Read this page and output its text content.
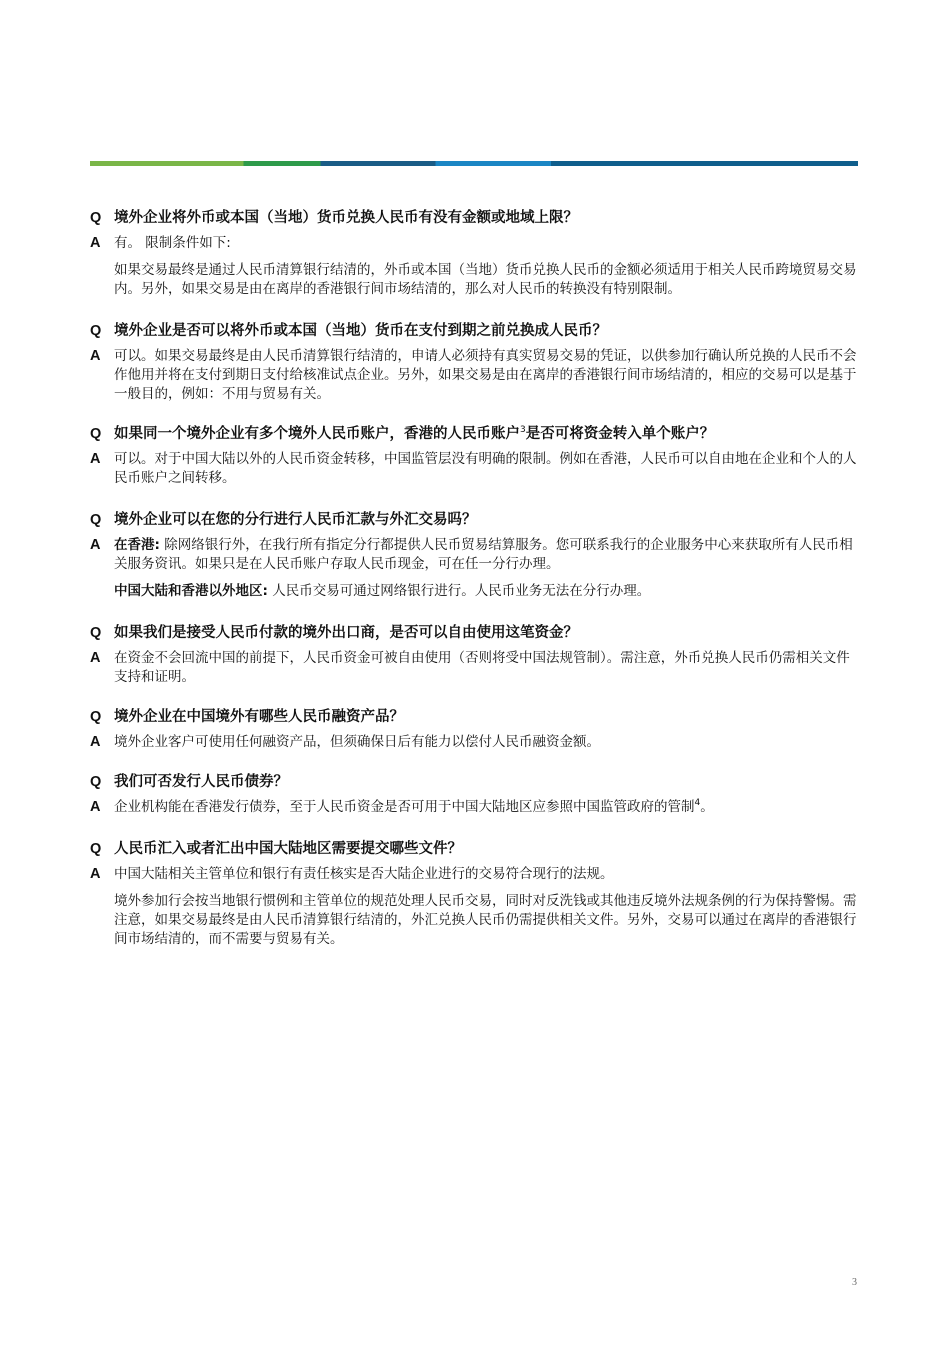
Q 境外企业将外币或本国（当地）货币兑换人民币有没有金额或地域上限？
A 有。 限制条件如下:

如果交易最终是通过人民币清算银行结清的，外币或本国（当地）货币兑换人民币的金额必须适用于相关人民币跨境贸易交易内。另外，如果交易是由在离岸的香港银行间市场结清的，那么对人民币的转换没有特别限制。

Q 境外企业是否可以将外币或本国（当地）货币在支付到期之前兑换成人民币？
A 可以。如果交易最终是由人民币清算银行结清的，申请人必须持有真实贸易交易的凭证，以供参加行确认所兑换的人民币不会作他用并将在支付到期日支付给核准试点企业。另外，如果交易是由在离岸的香港银行间市场结清的，相应的交易可以是基于一般目的，例如：不用与贸易有关。

Q 如果同一个境外企业有多个境外人民币账户，香港的人民币账户$^3$是否可将资金转入单个账户？
A 可以。对于中国大陆以外的人民币资金转移，中国监管层没有明确的限制。例如在香港，人民币可以自由地在企业和个人的人民币账户之间转移。

Q 境外企业可以在您的分行进行人民币汇款与外汇交易吗？
A 在香港: 除网络银行外，在我行所有指定分行都提供人民币贸易结算服务。您可联系我行的企业服务中心来获取所有人民币相关服务资讯。如果只是在人民币账户存取人民币现金，可在任一分行办理。

中国大陆和香港以外地区: 人民币交易可通过网络银行进行。人民币业务无法在分行办理。

Q 如果我们是接受人民币付款的境外出口商，是否可以自由使用这笔资金？
A 在资金不会回流中国的前提下，人民币资金可被自由使用（否则将受中国法规管制）。需注意，外币兑换人民币仍需相关文件支持和证明。

Q 境外企业在中国境外有哪些人民币融资产品？
A 境外企业客户可使用任何融资产品，但须确保日后有能力以偿付人民币融资金额。

Q 我们可否发行人民币债券？
A 企业机构能在香港发行债券，至于人民币资金是否可用于中国大陆地区应参照中国监管政府的管制$^4$。

Q 人民币汇入或者汇出中国大陆地区需要提交哪些文件？
A 中国大陆相关主管单位和银行有责任核实是否大陆企业进行的交易符合现行的法规。

境外参加行会按当地银行惯例和主管单位的规范处理人民币交易，同时对反洗钱或其他违反境外法规条例的行为保持警惕。需注意，如果交易最终是由人民币清算银行结清的，外汇兑换人民币仍需提供相关文件。另外，交易可以通过在离岸的香港银行间市场结清的，而不需要与贸易有关。

3
